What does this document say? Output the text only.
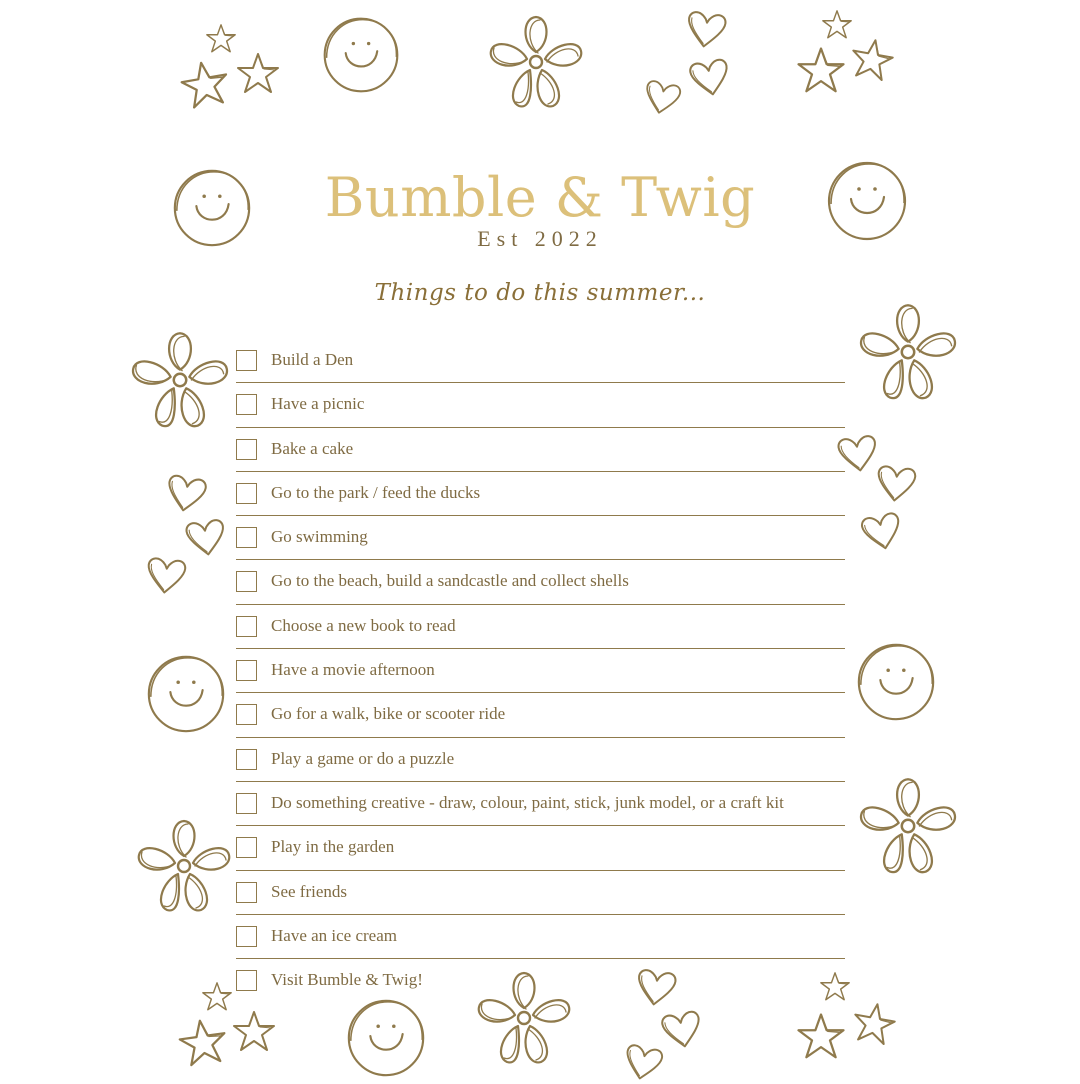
Bumble & Twig
Est 2022
Things to do this summer...
Build a Den
Have a picnic
Bake a cake
Go to the park / feed the ducks
Go swimming
Go to the beach, build a sandcastle and collect shells
Choose a new book to read
Have a movie afternoon
Go for a walk, bike or scooter ride
Play a game or do a puzzle
Do something creative - draw, colour, paint, stick, junk model, or a craft kit
Play in the garden
See friends
Have an ice cream
Visit Bumble & Twig!
